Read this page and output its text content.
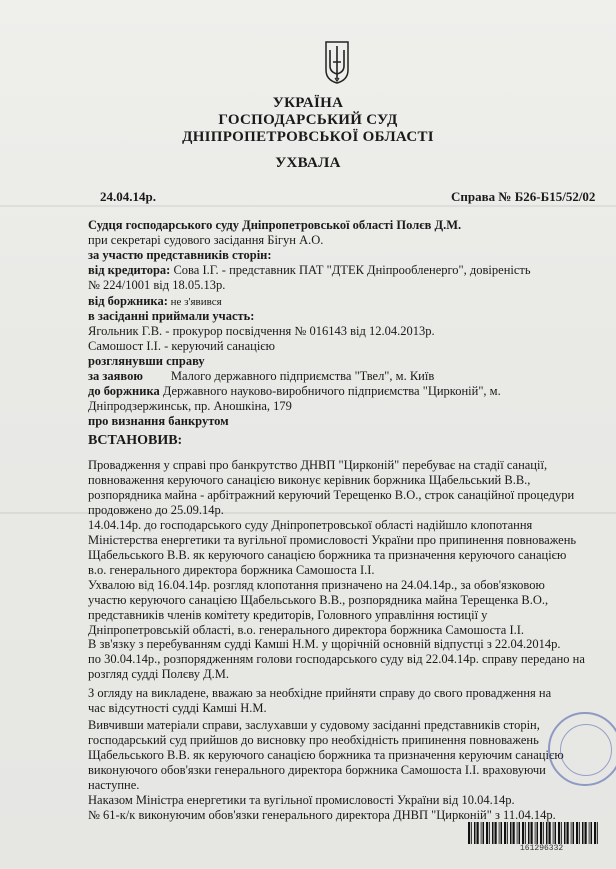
УКРАЇНА
ГОСПОДАРСЬКИЙ СУД
ДНІПРОПЕТРОВСЬКОЇ ОБЛАСТІ
УХВАЛА
24.04.14р.	Справа № Б26-Б15/52/02
Судця господарського суду Дніпропетровської області Полєв Д.М.
при секретарі судового засідання Бігун А.О.
за участю представників сторін:
від кредитора: Сова І.Г. - представник ПАТ "ДТЕК Дніпрообленерго", довіреність
№ 224/1001 від 18.05.13р.
від боржника: не з'явився
в засіданні приймали участь:
Ягольник Г.В. - прокурор посвідчення № 016143 від 12.04.2013р.
Самошост І.І. - керуючий санацією
розглянувши справу
за заявою Малого державного підприємства "Твел", м. Київ
до боржника Державного науково-виробничого підприємства "Цирконій", м.
Дніпродзержинськ, пр. Аношкіна, 179
про визнання банкрутом
ВСТАНОВИВ:
Провадження у справі про банкрутство ДНВП "Цирконій" перебуває на стадії санації,
повноваження керуючого санацією виконує керівник боржника Щабельський В.В.,
розпорядника майна - арбітражний керуючий Терещенко В.О., строк санаційної процедури
продовжено до 25.09.14р.
14.04.14р. до господарського суду Дніпропетровської області надійшло клопотання
Міністерства енергетики та вугільної промисловості України про припинення повноважень
Щабельського В.В. як керуючого санацією боржника та призначення керуючого санацією
в.о. генерального директора боржника Самошоста І.І.
Ухвалою від 16.04.14р. розгляд клопотання призначено на 24.04.14р., за обов'язковою
участю керуючого санацією Щабельського В.В., розпорядника майна Терещенка В.О.,
представників членів комітету кредиторів, Головного управління юстиції у
Дніпропетровській області, в.о. генерального директора боржника Самошоста І.І.
В зв'язку з перебуванням судді Камші Н.М. у щорічній основній відпустці з 22.04.2014р.
по 30.04.14р., розпорядженням голови господарського суду від 22.04.14р. справу передано на
розгляд судді Полєву Д.М.
З огляду на викладене, вважаю за необхідне прийняти справу до свого провадження на
час відсутності судді Камші Н.М.
Вивчивши матеріали справи, заслухавши у судовому засіданні представників сторін,
господарський суд прийшов до висновку про необхідність припинення повноважень
Щабельського В.В. як керуючого санацією боржника та призначення керуючим санацією
виконуючого обов'язки генерального директора боржника Самошоста І.І. враховуючи
наступне.
Наказом Міністра енергетики та вугільної промисловості України від 10.04.14р.
№ 61-к/к виконуючим обов'язки генерального директора ДНВП "Цирконій" з 11.04.14р.
161296332
